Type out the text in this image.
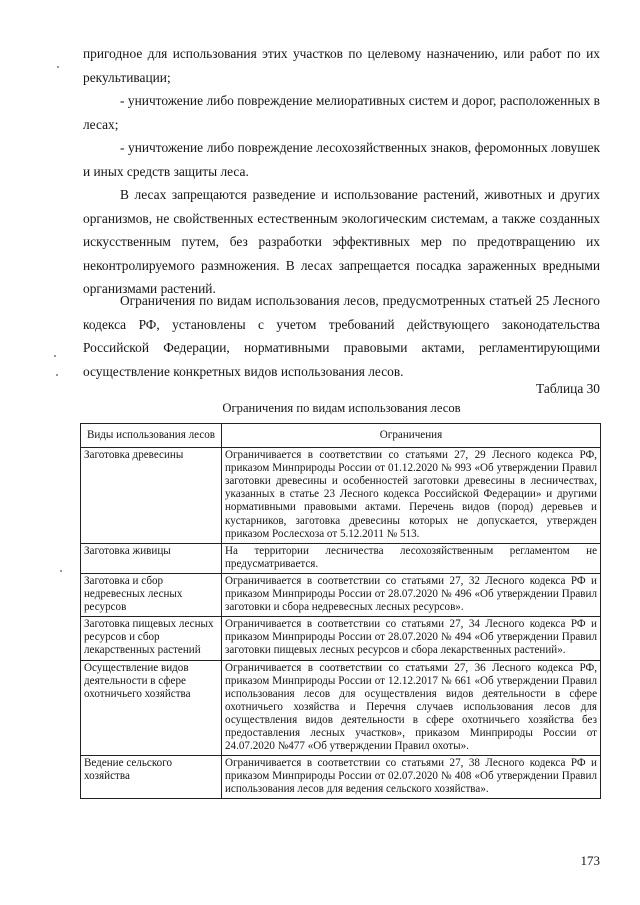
пригодное для использования этих участков по целевому назначению, или работ по их рекультивации;

- уничтожение либо повреждение мелиоративных систем и дорог, расположенных в лесах;

- уничтожение либо повреждение лесохозяйственных знаков, феромонных ловушек и иных средств защиты леса.

В лесах запрещаются разведение и использование растений, животных и других организмов, не свойственных естественным экологическим системам, а также созданных искусственным путем, без разработки эффективных мер по предотвращению их неконтролируемого размножения. В лесах запрещается посадка зараженных вредными организмами растений.

Ограничения по видам использования лесов, предусмотренных статьей 25 Лесного кодекса РФ, установлены с учетом требований действующего законодательства Российской Федерации, нормативными правовыми актами, регламентирующими осуществление конкретных видов использования лесов.

Таблица 30

Ограничения по видам использования лесов

Виды использования лесов	Ограничения
Заготовка древесины	Ограничивается в соответствии со статьями 27, 29 Лесного кодекса РФ, приказом Минприроды России от 01.12.2020 № 993 «Об утверждении Правил заготовки древесины и особенностей заготовки древесины в лесничествах, указанных в статье 23 Лесного кодекса Российской Федерации» и другими нормативными правовыми актами. Перечень видов (пород) деревьев и кустарников, заготовка древесины которых не допускается, утвержден приказом Рослесхоза от 5.12.2011 № 513.
Заготовка живицы	На территории лесничества лесохозяйственным регламентом не предусматривается.
Заготовка и сбор недревесных лесных ресурсов	Ограничивается в соответствии со статьями 27, 32 Лесного кодекса РФ и приказом Минприроды России от 28.07.2020 № 496 «Об утверждении Правил заготовки и сбора недревесных лесных ресурсов».
Заготовка пищевых лесных ресурсов и сбор лекарственных растений	Ограничивается в соответствии со статьями 27, 34 Лесного кодекса РФ и приказом Минприроды России от 28.07.2020 № 494 «Об утверждении Правил заготовки пищевых лесных ресурсов и сбора лекарственных растений».
Осуществление видов деятельности в сфере охотничьего хозяйства	Ограничивается в соответствии со статьями 27, 36 Лесного кодекса РФ, приказом Минприроды России от 12.12.2017 № 661 «Об утверждении Правил использования лесов для осуществления видов деятельности в сфере охотничьего хозяйства и Перечня случаев использования лесов для осуществления видов деятельности в сфере охотничьего хозяйства без предоставления лесных участков», приказом Минприроды России от 24.07.2020 №477 «Об утверждении Правил охоты».
Ведение сельского хозяйства	Ограничивается в соответствии со статьями 27, 38 Лесного кодекса РФ и приказом Минприроды России от 02.07.2020 № 408 «Об утверждении Правил использования лесов для ведения сельского хозяйства».

173
